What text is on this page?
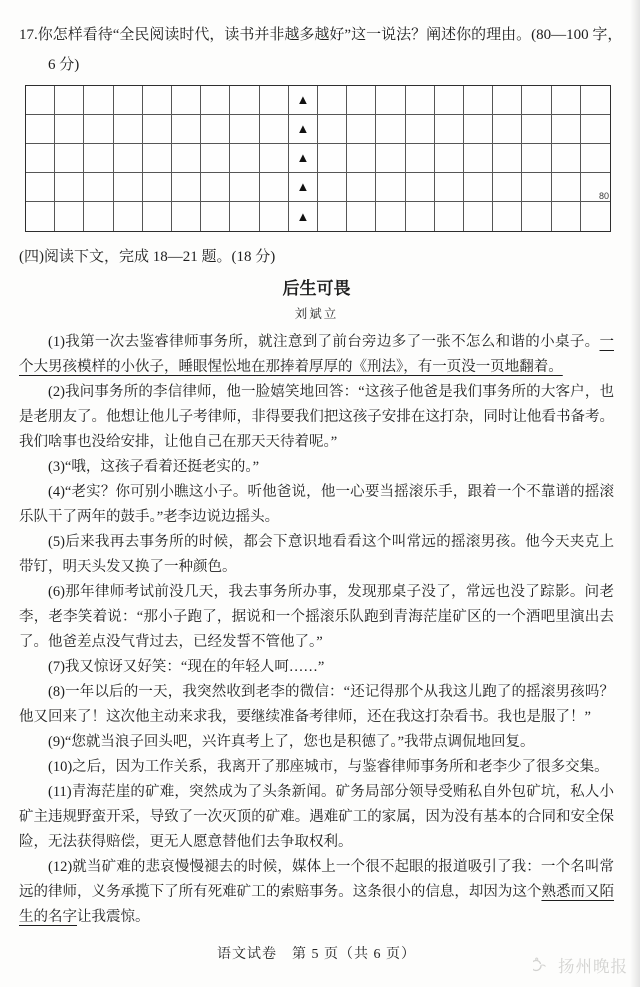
17.你怎样看待“全民阅读时代，读书并非越多越好”这一说法？阐述你的理由。(80—100 字，
6 分)
▲
▲
▲
▲
80
▲
(四)阅读下文，完成 18—21 题。(18 分)
后生可畏
刘斌立

(1)我第一次去鉴睿律师事务所，就注意到了前台旁边多了一张不怎么和谐的小桌子。一个大男孩模样的小伙子，睡眼惺忪地在那捧着厚厚的《刑法》，有一页没一页地翻着。

(2)我问事务所的李信律师，他一脸嬉笑地回答：“这孩子他爸是我们事务所的大客户，也是老朋友了。他想让他儿子考律师，非得要我们把这孩子安排在这打杂，同时让他看书备考。我们啥事也没给安排，让他自己在那天天待着呢。”

(3)“哦，这孩子看着还挺老实的。”

(4)“老实？你可别小瞧这小子。听他爸说，他一心要当摇滚乐手，跟着一个不靠谱的摇滚乐队干了两年的鼓手。”老李边说边摇头。

(5)后来我再去事务所的时候，都会下意识地看看这个叫常远的摇滚男孩。他今天夹克上带钉，明天头发又换了一种颜色。

(6)那年律师考试前没几天，我去事务所办事，发现那桌子没了，常远也没了踪影。问老李，老李笑着说：“那小子跑了，据说和一个摇滚乐队跑到青海茫崖矿区的一个酒吧里演出去了。他爸差点没气背过去，已经发誓不管他了。”

(7)我又惊讶又好笑：“现在的年轻人呵……”

(8)一年以后的一天，我突然收到老李的微信：“还记得那个从我这儿跑了的摇滚男孩吗？他又回来了！这次他主动来求我，要继续准备考律师，还在我这打杂看书。我也是服了！”

(9)“您就当浪子回头吧，兴许真考上了，您也是积德了。”我带点调侃地回复。

(10)之后，因为工作关系，我离开了那座城市，与鉴睿律师事务所和老李少了很多交集。

(11)青海茫崖的矿难，突然成为了头条新闻。矿务局部分领导受贿私自外包矿坑，私人小矿主违规野蛮开采，导致了一次灭顶的矿难。遇难矿工的家属，因为没有基本的合同和安全保险，无法获得赔偿，更无人愿意替他们去争取权利。

(12)就当矿难的悲哀慢慢褪去的时候，媒体上一个很不起眼的报道吸引了我：一个名叫常远的律师，义务承揽下了所有死难矿工的索赔事务。这条很小的信息，却因为这个熟悉而又陌生的名字让我震惊。

语文试卷　第 5 页（共 6 页）
扬州晚报
